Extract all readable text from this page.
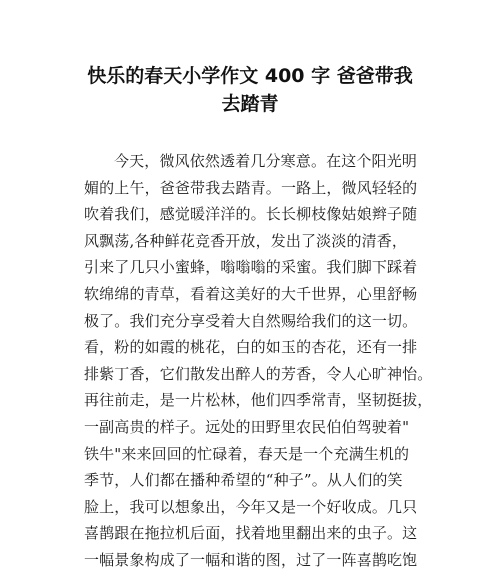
快乐的春天小学作文 400 字 爸爸带我
去踏青
今天，微风依然透着几分寒意。在这个阳光明
媚的上午，爸爸带我去踏青。一路上，微风轻轻的
吹着我们，感觉暖洋洋的。长长柳枝像姑娘辫子随
风飘荡,各种鲜花竞香开放，发出了淡淡的清香，
引来了几只小蜜蜂，嗡嗡嗡的采蜜。我们脚下踩着
软绵绵的青草，看着这美好的大千世界，心里舒畅
极了。我们充分享受着大自然赐给我们的这一切。
看，粉的如霞的桃花，白的如玉的杏花，还有一排
排紫丁香，它们散发出醉人的芳香，令人心旷神怡。
再往前走，是一片松林，他们四季常青，坚韧挺拔，
一副高贵的样子。远处的田野里农民伯伯驾驶着"
铁牛"来来回回的忙碌着，春天是一个充满生机的
季节，人们都在播种希望的“种子”。从人们的笑
脸上，我可以想象出，今年又是一个好收成。几只
喜鹊跟在拖拉机后面，找着地里翻出来的虫子。这
一幅景象构成了一幅和谐的图，过了一阵喜鹊吃饱
